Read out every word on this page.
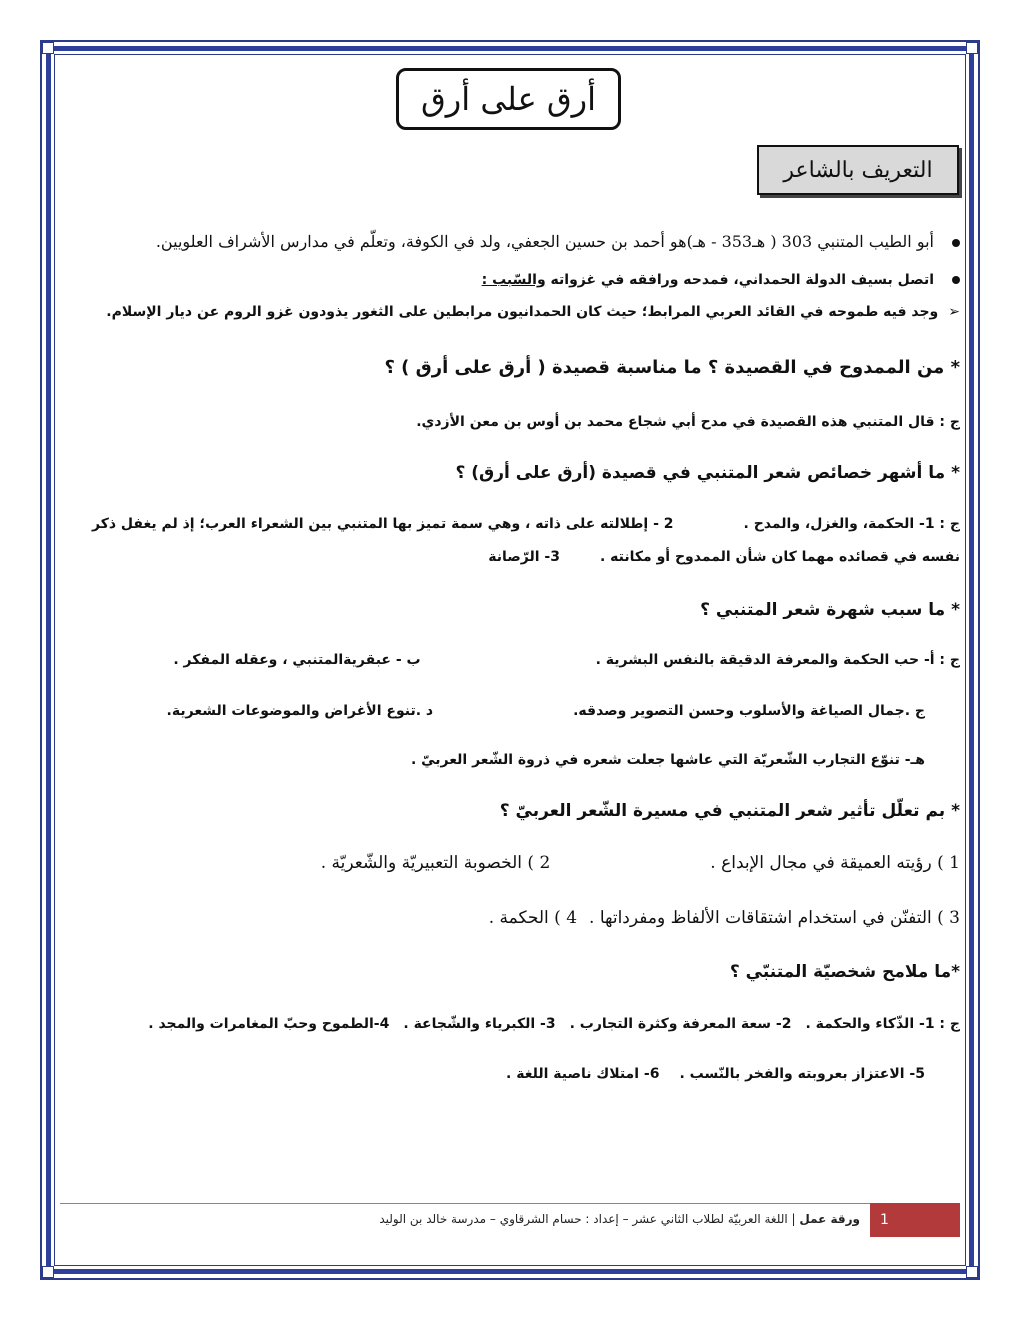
أرق على أرق
التعريف بالشاعر
أبو الطيب المتنبي 303 ( هـ353 - هـ)هو أحمد بن حسين الجعفي، ولد في الكوفة، وتعلّم في مدارس الأشراف العلويين.
اتصل بسيف الدولة الحمداني، فمدحه ورافقه في غزواته والسّبب :
➢وجد فيه طموحه في القائد العربي المرابط؛ حيث كان الحمدانيون مرابطين على الثغور يذودون غزو الروم عن ديار الإسلام.
* من الممدوح في القصيدة ؟ ما مناسبة قصيدة ( أرق على أرق ) ؟
ج : قال المتنبي هذه القصيدة في مدح أبي شجاع محمد بن أوس بن معن الأزدي.
* ما أشهر خصائص شعر المتنبي في قصيدة (أرق على أرق) ؟
ج : 1- الحكمة، والغزل، والمدح .2 - إطلالته على ذاته ، وهي سمة تميز بها المتنبي بين الشعراء العرب؛ إذ لم يغفل ذكر
نفسه في قصائده مهما كان شأن الممدوح أو مكانته .3- الرّصانة
* ما سبب شهرة شعر المتنبي ؟
ج : أ- حب الحكمة والمعرفة الدقيقة بالنفس البشرية .ب - عبقريةالمتنبي ، وعقله المفكر .
ج .جمال الصياغة والأسلوب وحسن التصوير وصدقه.د .تنوع الأغراض والموضوعات الشعرية.
هـ- تنوّع التجارب الشّعريّة التي عاشها جعلت شعره في ذروة الشّعر العربيّ .
* بم تعلّل تأثير شعر المتنبي في مسيرة الشّعر العربيّ ؟
1 ) رؤيته العميقة في مجال الإبداع .2 ) الخصوبة التعبيريّة والشّعريّة .
3 ) التفنّن في استخدام اشتقاقات الألفاظ ومفرداتها .4 ) الحكمة .
*ما ملامح شخصيّة المتنبّي ؟
ج : 1- الذّكاء والحكمة .2- سعة المعرفة وكثرة التجارب .3- الكبرياء والشّجاعة .4-الطموح وحبّ المغامرات والمجد .
5- الاعتزاز بعروبته والفخر بالنّسب .6- امتلاك ناصية اللغة .
1
ورقة عمل | اللغة العربيّة لطلاب الثاني عشر – إعداد : حسام الشرقاوي – مدرسة خالد بن الوليد
